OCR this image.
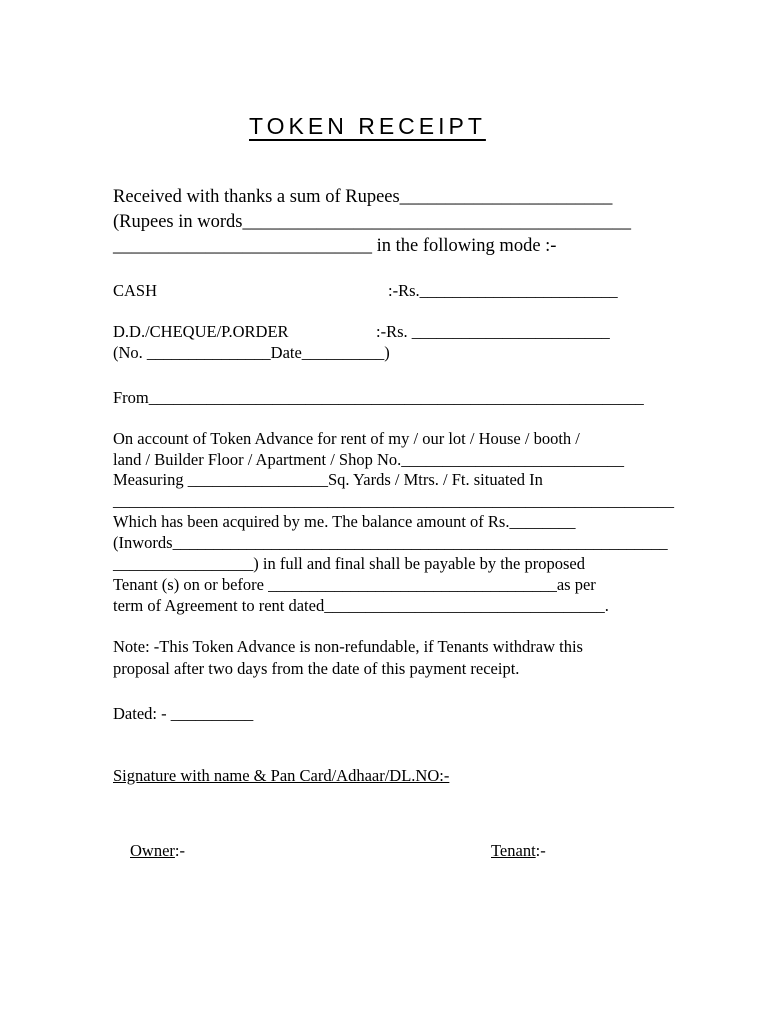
TOKEN RECEIPT
Received with thanks a sum of Rupees_______________________
(Rupees in words__________________________________________
____________________________ in the following mode :-
CASH	:-Rs.________________________
D.D./CHEQUE/P.ORDER	:-Rs. ________________________
(No. _______________Date__________)
From____________________________________________________________
On account of Token Advance for rent of my / our lot / House / booth /
land / Builder Floor / Apartment / Shop No.___________________________
Measuring _________________Sq. Yards / Mtrs. / Ft. situated In
____________________________________________________________________
Which has been acquired by me. The balance amount of Rs.________
(Inwords____________________________________________________________
_________________) in full and final shall be payable by the proposed
Tenant (s) on or before ___________________________________as per
term of Agreement to rent dated__________________________________.
Note: -This Token Advance is non-refundable, if Tenants withdraw this
proposal after two days from the date of this payment receipt.
Dated: - __________
Signature with name & Pan Card/Adhaar/DL.NO:-
Owner:-	Tenant:-
